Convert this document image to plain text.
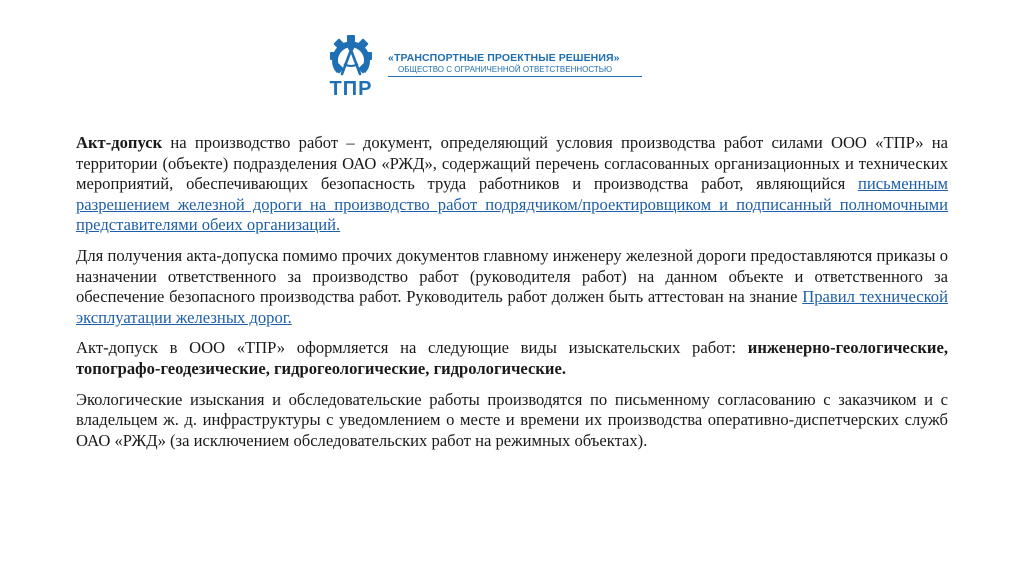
ТПР
«ТРАНСПОРТНЫЕ ПРОЕКТНЫЕ РЕШЕНИЯ»
ОБЩЕСТВО С ОГРАНИЧЕННОЙ ОТВЕТСТВЕННОСТЬЮ

Акт-допуск на производство работ – документ, определяющий условия производства работ силами ООО «ТПР» на территории (объекте) подразделения ОАО «РЖД», содержащий перечень согласованных организационных и технических мероприятий, обеспечивающих безопасность труда работников и производства работ, являющийся письменным разрешением железной дороги на производство работ подрядчиком/проектировщиком и подписанный полномочными представителями обеих организаций.

Для получения акта-допуска помимо прочих документов главному инженеру железной дороги предоставляются приказы о назначении ответственного за производство работ (руководителя работ) на данном объекте и ответственного за обеспечение безопасного производства работ. Руководитель работ должен быть аттестован на знание Правил технической эксплуатации железных дорог.

Акт-допуск в ООО «ТПР» оформляется на следующие виды изыскательских работ: инженерно-геологические, топографо-геодезические, гидрогеологические, гидрологические.

Экологические изыскания и обследовательские работы производятся по письменному согласованию с заказчиком и с владельцем ж. д. инфраструктуры с уведомлением о месте и времени их производства оперативно-диспетчерских служб ОАО «РЖД» (за исключением обследовательских работ на режимных объектах).
